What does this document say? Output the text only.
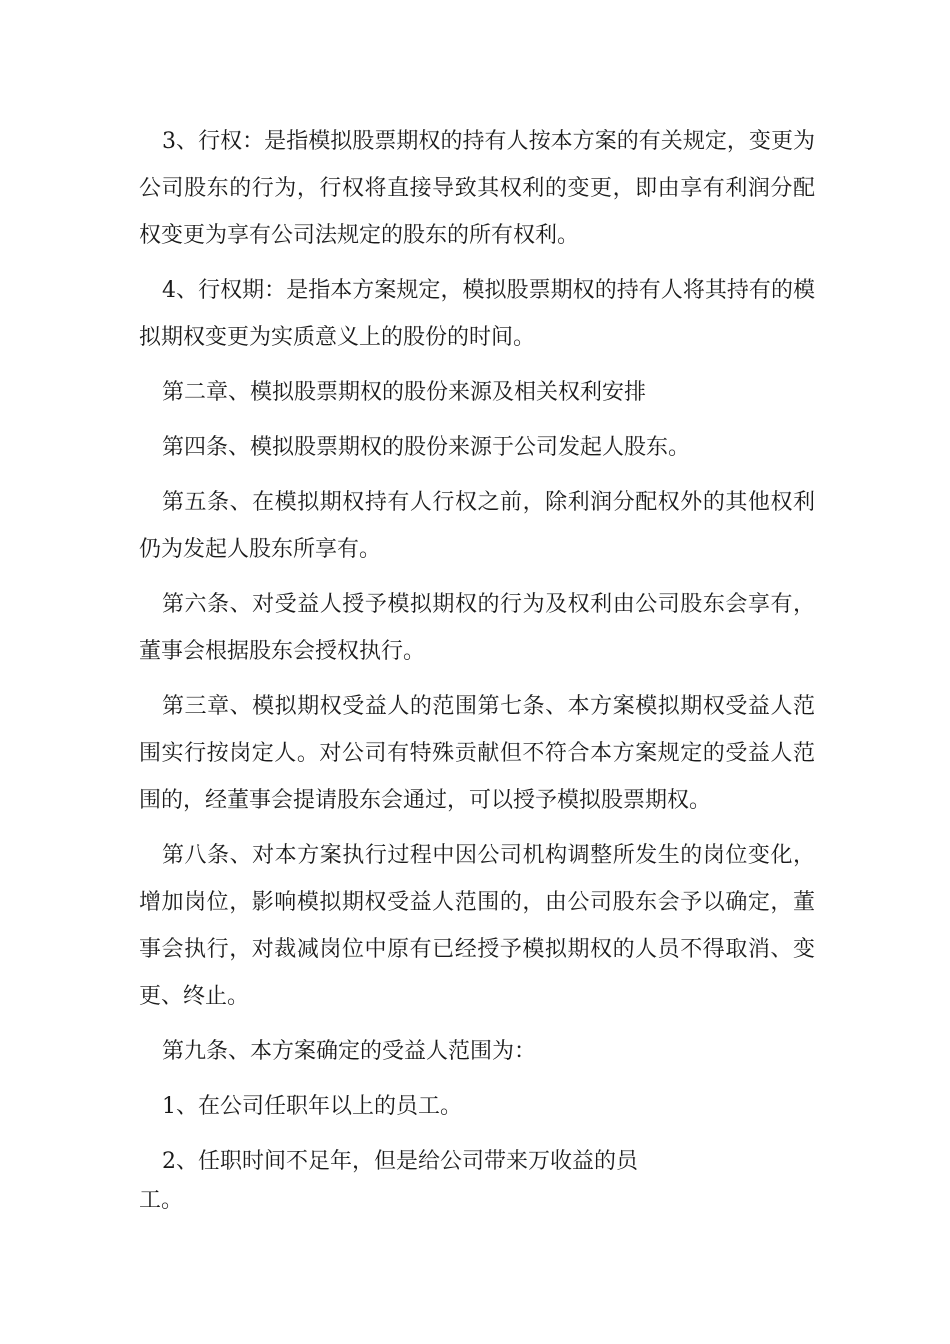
3、行权：是指模拟股票期权的持有人按本方案的有关规定，变更为公司股东的行为，行权将直接导致其权利的变更，即由享有利润分配权变更为享有公司法规定的股东的所有权利。

4、行权期：是指本方案规定，模拟股票期权的持有人将其持有的模拟期权变更为实质意义上的股份的时间。

第二章、模拟股票期权的股份来源及相关权利安排

第四条、模拟股票期权的股份来源于公司发起人股东。

第五条、在模拟期权持有人行权之前，除利润分配权外的其他权利仍为发起人股东所享有。

第六条、对受益人授予模拟期权的行为及权利由公司股东会享有，董事会根据股东会授权执行。

第三章、模拟期权受益人的范围第七条、本方案模拟期权受益人范围实行按岗定人。对公司有特殊贡献但不符合本方案规定的受益人范围的，经董事会提请股东会通过，可以授予模拟股票期权。

第八条、对本方案执行过程中因公司机构调整所发生的岗位变化，增加岗位，影响模拟期权受益人范围的，由公司股东会予以确定，董事会执行，对裁减岗位中原有已经授予模拟期权的人员不得取消、变更、终止。

第九条、本方案确定的受益人范围为：

1、在公司任职年以上的员工。

2、任职时间不足年，但是给公司带来万收益的员

工。
